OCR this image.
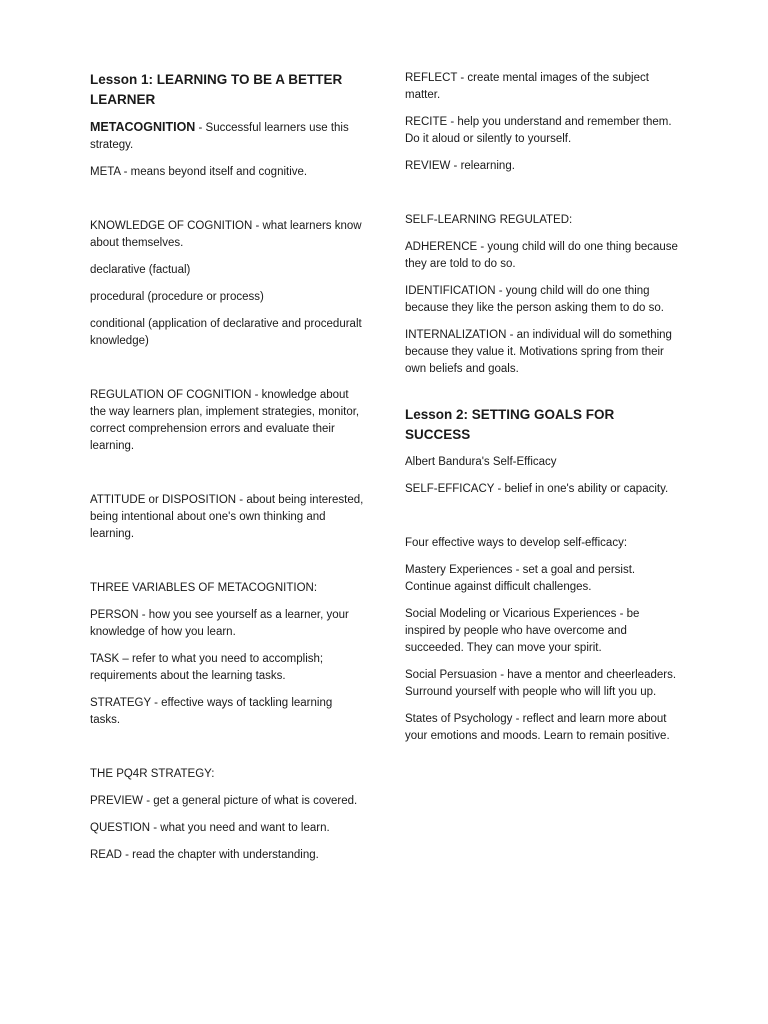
Lesson 1: LEARNING TO BE A BETTER LEARNER
METACOGNITION - Successful learners use this strategy.
META - means beyond itself and cognitive.
KNOWLEDGE OF COGNITION - what learners know about themselves.
declarative (factual)
procedural (procedure or process)
conditional (application of declarative and proceduralt knowledge)
REGULATION OF COGNITION - knowledge about the way learners plan, implement strategies, monitor, correct comprehension errors and evaluate their learning.
ATTITUDE or DISPOSITION - about being interested, being intentional about one's own thinking and learning.
THREE VARIABLES OF METACOGNITION:
PERSON - how you see yourself as a learner, your knowledge of how you learn.
TASK – refer to what you need to accomplish; requirements about the learning tasks.
STRATEGY - effective ways of tackling learning tasks.
THE PQ4R STRATEGY:
PREVIEW - get a general picture of what is covered.
QUESTION - what you need and want to learn.
READ - read the chapter with understanding.
REFLECT - create mental images of the subject matter.
RECITE - help you understand and remember them. Do it aloud or silently to yourself.
REVIEW - relearning.
SELF-LEARNING REGULATED:
ADHERENCE - young child will do one thing because they are told to do so.
IDENTIFICATION - young child will do one thing because they like the person asking them to do so.
INTERNALIZATION - an individual will do something because they value it. Motivations spring from their own beliefs and goals.
Lesson 2: SETTING GOALS FOR SUCCESS
Albert Bandura's Self-Efficacy
SELF-EFFICACY - belief in one's ability or capacity.
Four effective ways to develop self-efficacy:
Mastery Experiences - set a goal and persist. Continue against difficult challenges.
Social Modeling or Vicarious Experiences - be inspired by people who have overcome and succeeded. They can move your spirit.
Social Persuasion - have a mentor and cheerleaders. Surround yourself with people who will lift you up.
States of Psychology - reflect and learn more about your emotions and moods. Learn to remain positive.
